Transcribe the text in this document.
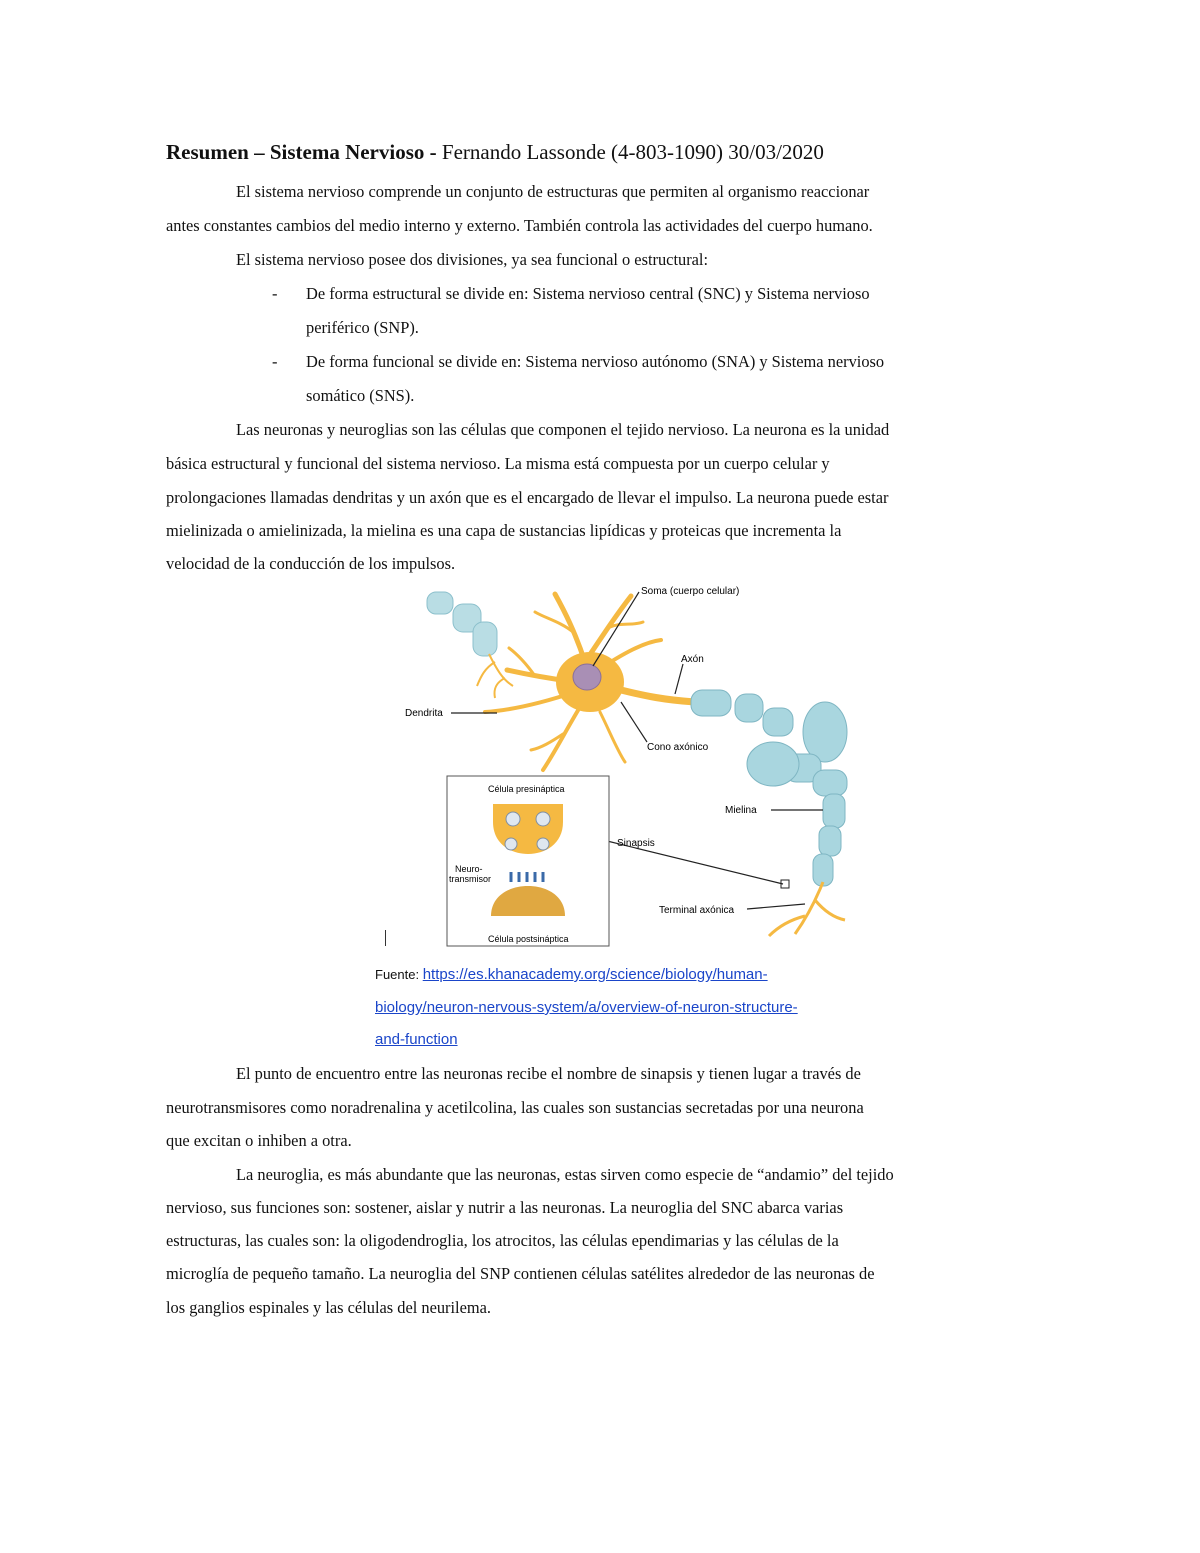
Resumen – Sistema Nervioso - Fernando Lassonde (4-803-1090) 30/03/2020
El sistema nervioso comprende un conjunto de estructuras que permiten al organismo reaccionar
antes constantes cambios del medio interno y externo. También controla las actividades del cuerpo humano.
El sistema nervioso posee dos divisiones, ya sea funcional o estructural:
- De forma estructural se divide en: Sistema nervioso central (SNC) y Sistema nervioso
periférico (SNP).
- De forma funcional se divide en: Sistema nervioso autónomo (SNA) y Sistema nervioso
somático (SNS).
Las neuronas y neuroglias son las células que componen el tejido nervioso. La neurona es la unidad
básica estructural y funcional del sistema nervioso. La misma está compuesta por un cuerpo celular y
prolongaciones llamadas dendritas y un axón que es el encargado de llevar el impulso. La neurona puede estar
mielinizada o amielinizada, la mielina es una capa de sustancias lipídicas y proteicas que incrementa la
velocidad de la conducción de los impulsos.
Soma (cuerpo celular)
Axón
Dendrita
Cono axónico
Mielina
Sinapsis
Terminal axónica
Célula presináptica
Célula postsináptica
Neuro-
transmisor
Fuente: https://es.khanacademy.org/science/biology/human-
biology/neuron-nervous-system/a/overview-of-neuron-structure-
and-function
El punto de encuentro entre las neuronas recibe el nombre de sinapsis y tienen lugar a través de
neurotransmisores como noradrenalina y acetilcolina, las cuales son sustancias secretadas por una neurona
que excitan o inhiben a otra.
La neuroglia, es más abundante que las neuronas, estas sirven como especie de “andamio” del tejido
nervioso, sus funciones son: sostener, aislar y nutrir a las neuronas. La neuroglia del SNC abarca varias
estructuras, las cuales son: la oligodendroglia, los atrocitos, las células ependimarias y las células de la
microglía de pequeño tamaño. La neuroglia del SNP contienen células satélites alrededor de las neuronas de
los ganglios espinales y las células del neurilema.
